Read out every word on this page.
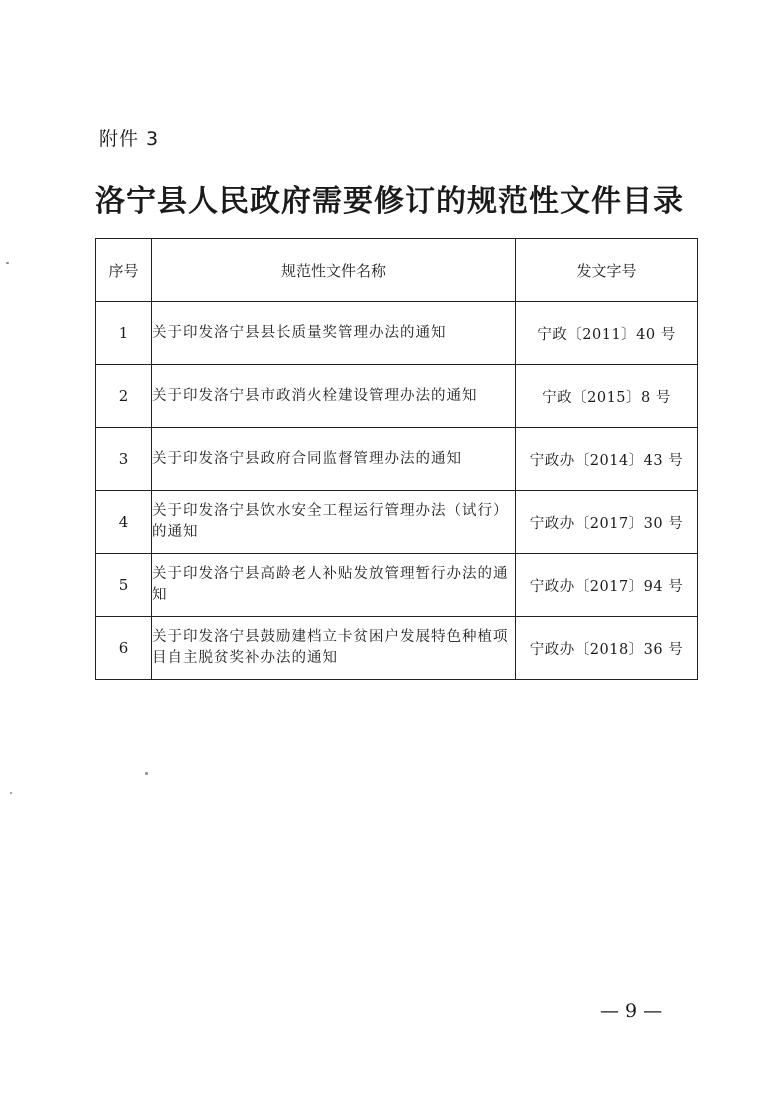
附件 3
洛宁县人民政府需要修订的规范性文件目录
序号	规范性文件名称	发文字号
1	关于印发洛宁县县长质量奖管理办法的通知	宁政〔2011〕40 号
2	关于印发洛宁县市政消火栓建设管理办法的通知	宁政〔2015〕8 号
3	关于印发洛宁县政府合同监督管理办法的通知	宁政办〔2014〕43 号
4	关于印发洛宁县饮水安全工程运行管理办法（试行）的通知	宁政办〔2017〕30 号
5	关于印发洛宁县高龄老人补贴发放管理暂行办法的通知	宁政办〔2017〕94 号
6	关于印发洛宁县鼓励建档立卡贫困户发展特色种植项目自主脱贫奖补办法的通知	宁政办〔2018〕36 号
— 9 —
